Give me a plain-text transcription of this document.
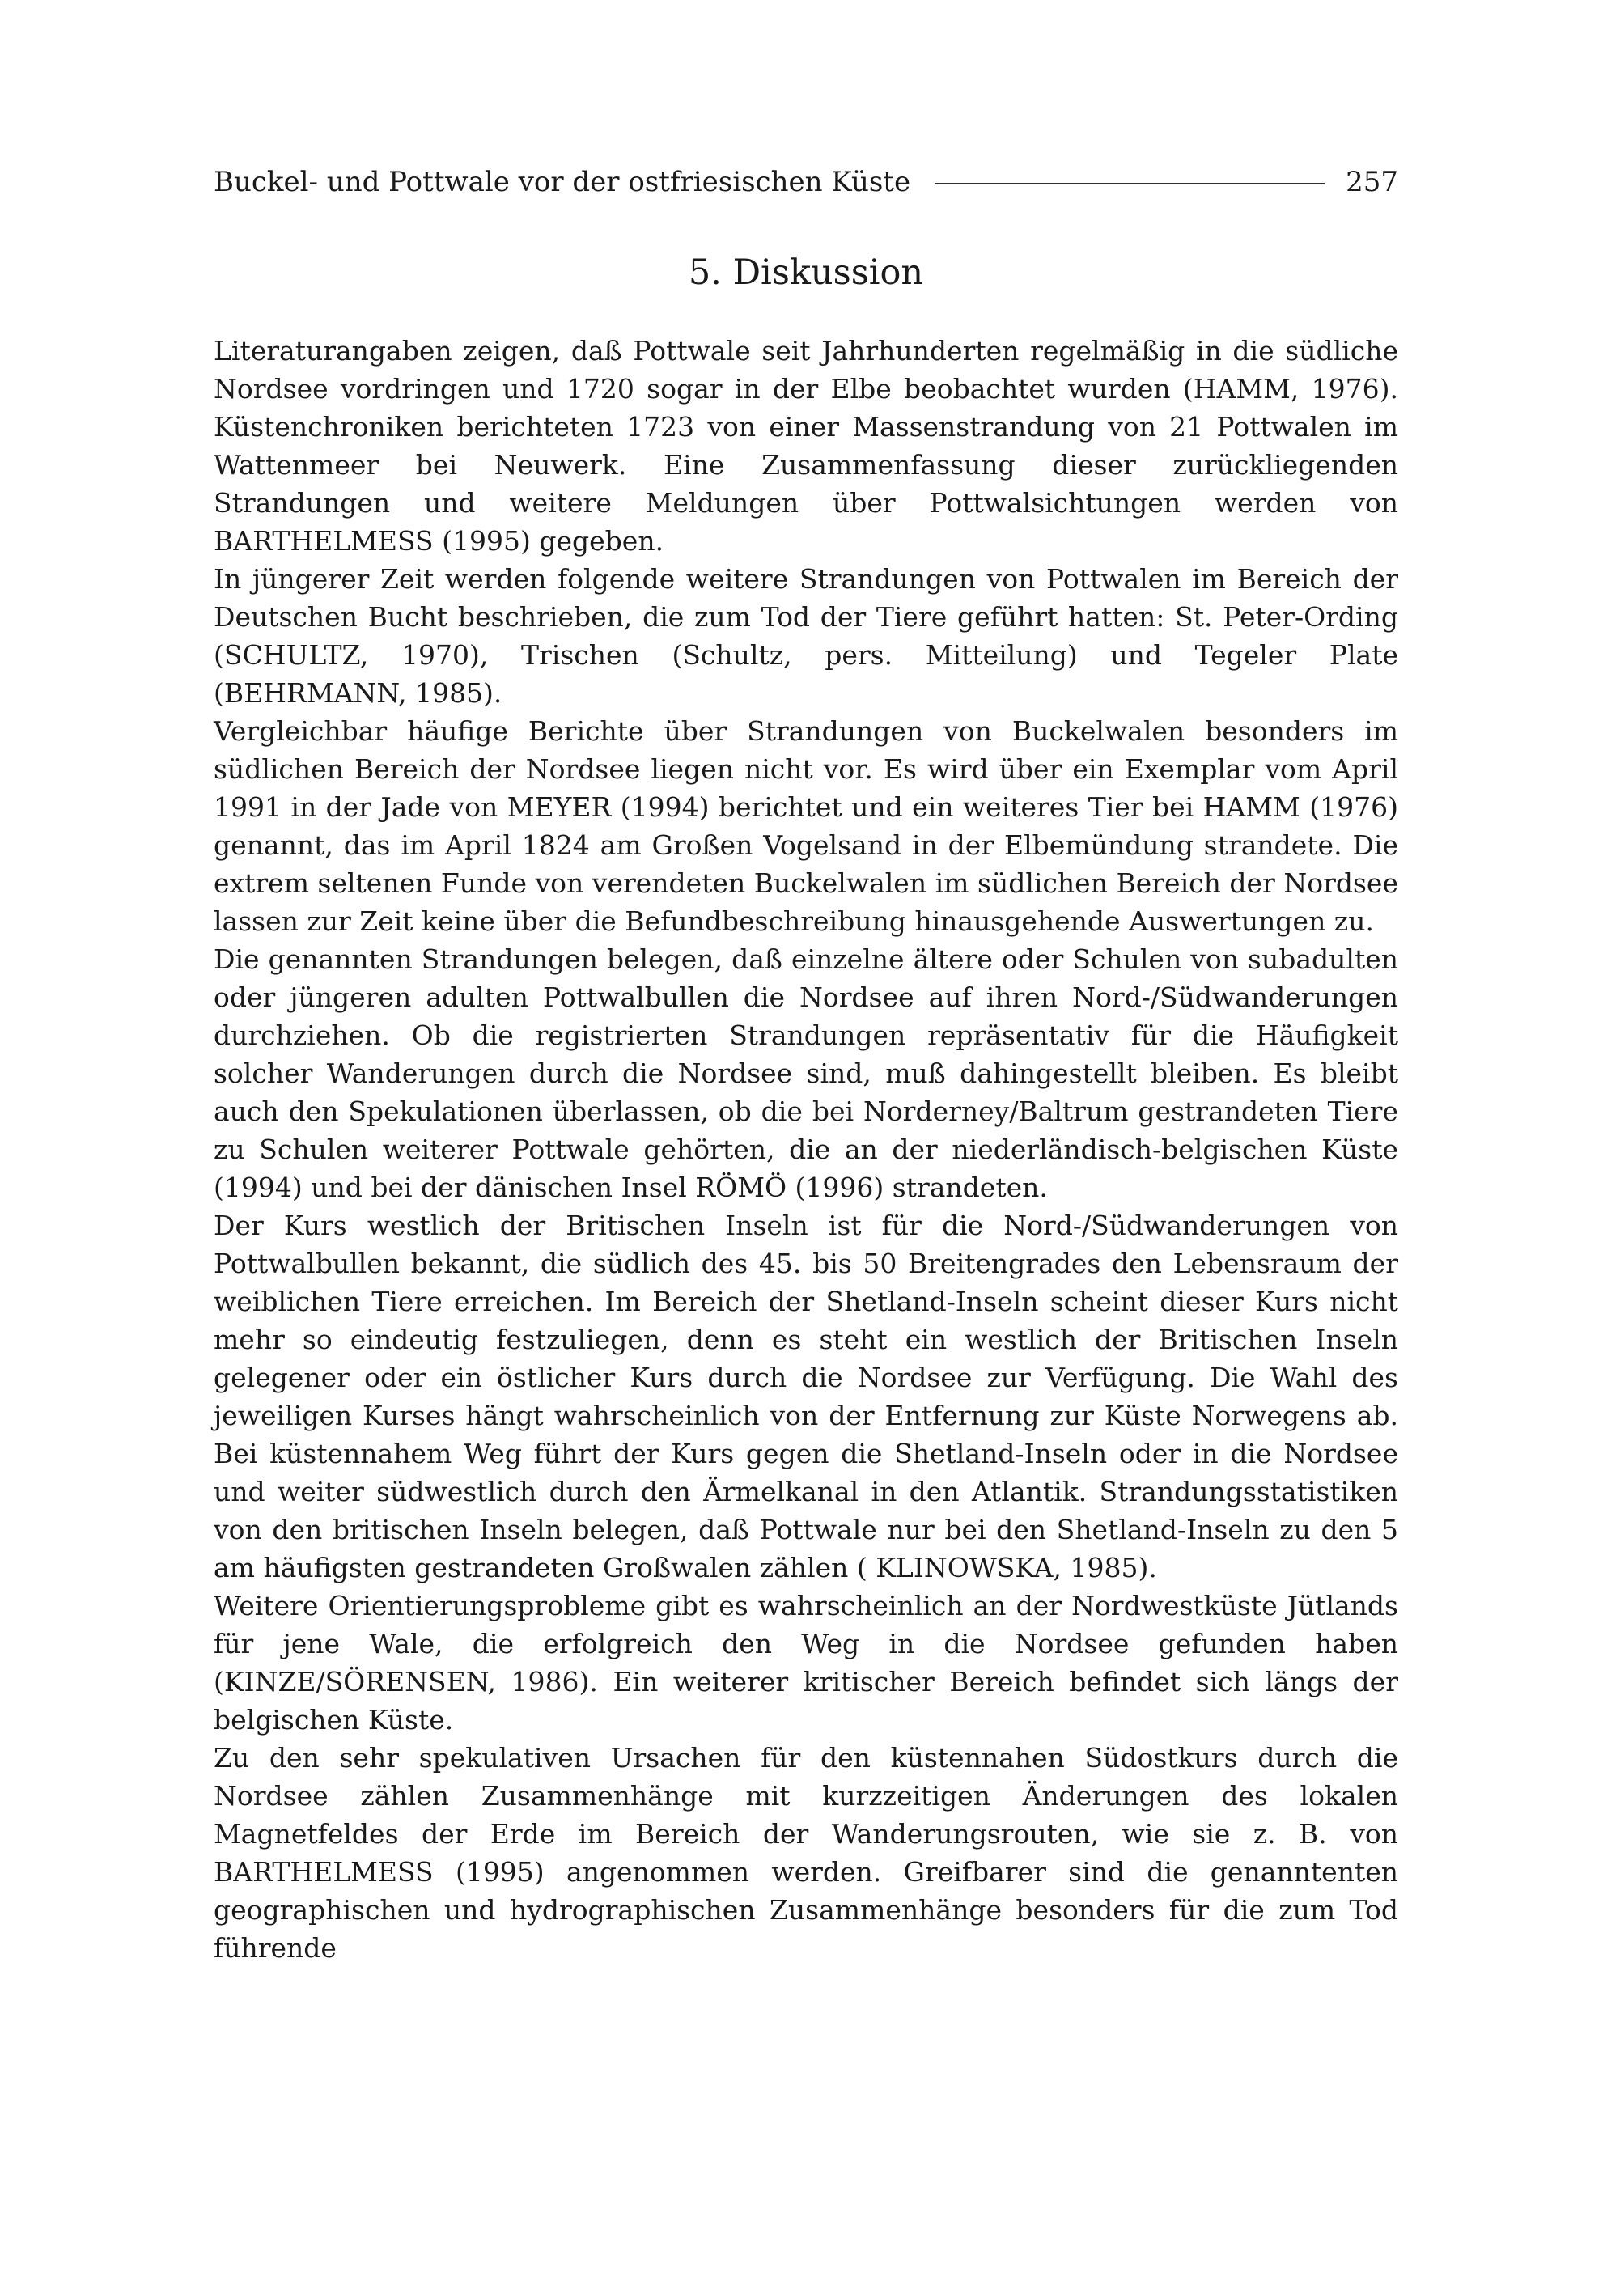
Buckel- und Pottwale vor der ostfriesischen Küste	257
5. Diskussion

Literaturangaben zeigen, daß Pottwale seit Jahrhunderten regelmäßig in die südliche Nordsee vordringen und 1720 sogar in der Elbe beobachtet wurden (HAMM, 1976). Küstenchroniken berichteten 1723 von einer Massenstrandung von 21 Pottwalen im Wattenmeer bei Neuwerk. Eine Zusammenfassung dieser zurückliegenden Strandungen und weitere Meldungen über Pottwalsichtungen werden von BARTHELMESS (1995) gegeben.

In jüngerer Zeit werden folgende weitere Strandungen von Pottwalen im Bereich der Deutschen Bucht beschrieben, die zum Tod der Tiere geführt hatten: St. Peter-Ording (SCHULTZ, 1970), Trischen (Schultz, pers. Mitteilung) und Tegeler Plate (BEHRMANN, 1985).

Vergleichbar häufige Berichte über Strandungen von Buckelwalen besonders im südlichen Bereich der Nordsee liegen nicht vor. Es wird über ein Exemplar vom April 1991 in der Jade von MEYER (1994) berichtet und ein weiteres Tier bei HAMM (1976) genannt, das im April 1824 am Großen Vogelsand in der Elbemündung strandete. Die extrem seltenen Funde von verendeten Buckelwalen im südlichen Bereich der Nordsee lassen zur Zeit keine über die Befundbeschreibung hinausgehende Auswertungen zu.

Die genannten Strandungen belegen, daß einzelne ältere oder Schulen von subadulten oder jüngeren adulten Pottwalbullen die Nordsee auf ihren Nord-/Südwanderungen durchziehen. Ob die registrierten Strandungen repräsentativ für die Häufigkeit solcher Wanderungen durch die Nordsee sind, muß dahingestellt bleiben. Es bleibt auch den Spekulationen überlassen, ob die bei Norderney/Baltrum gestrandeten Tiere zu Schulen weiterer Pottwale gehörten, die an der niederländisch-belgischen Küste (1994) und bei der dänischen Insel RÖMÖ (1996) strandeten.

Der Kurs westlich der Britischen Inseln ist für die Nord-/Südwanderungen von Pottwalbullen bekannt, die südlich des 45. bis 50 Breitengrades den Lebensraum der weiblichen Tiere erreichen. Im Bereich der Shetland-Inseln scheint dieser Kurs nicht mehr so eindeutig festzuliegen, denn es steht ein westlich der Britischen Inseln gelegener oder ein östlicher Kurs durch die Nordsee zur Verfügung. Die Wahl des jeweiligen Kurses hängt wahrscheinlich von der Entfernung zur Küste Norwegens ab. Bei küstennahem Weg führt der Kurs gegen die Shetland-Inseln oder in die Nordsee und weiter südwestlich durch den Ärmelkanal in den Atlantik. Strandungsstatistiken von den britischen Inseln belegen, daß Pottwale nur bei den Shetland-Inseln zu den 5 am häufigsten gestrandeten Großwalen zählen ( KLINOWSKA, 1985).

Weitere Orientierungsprobleme gibt es wahrscheinlich an der Nordwestküste Jütlands für jene Wale, die erfolgreich den Weg in die Nordsee gefunden haben (KINZE/SÖRENSEN, 1986). Ein weiterer kritischer Bereich befindet sich längs der belgischen Küste.

Zu den sehr spekulativen Ursachen für den küstennahen Südostkurs durch die Nordsee zählen Zusammenhänge mit kurzzeitigen Änderungen des lokalen Magnetfeldes der Erde im Bereich der Wanderungsrouten, wie sie z. B. von BARTHELMESS (1995) angenommen werden. Greifbarer sind die genanntenten geographischen und hydrographischen Zusammenhänge besonders für die zum Tod führende
